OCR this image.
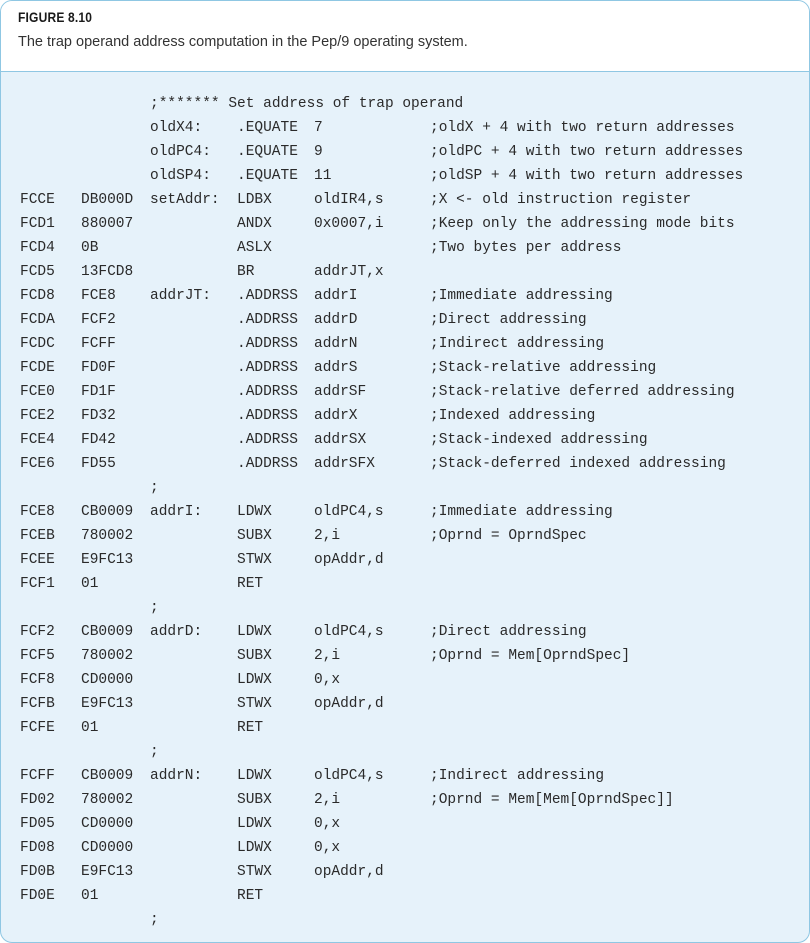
FIGURE 8.10
The trap operand address computation in the Pep/9 operating system.
;******* Set address of trap operand
oldX4: .EQUATE 7	;oldX + 4 with two return addresses
oldPC4: .EQUATE 9	;oldPC + 4 with two return addresses
oldSP4: .EQUATE 11	;oldSP + 4 with two return addresses
FCCE DB000D setAddr: LDBX	oldIR4,s	;X <- old instruction register
FCD1 880007	ANDX	0x0007,i	;Keep only the addressing mode bits
FCD4 0B	ASLX	;Two bytes per address
FCD5 13FCD8	BR	addrJT,x
FCD8 FCE8 addrJT: .ADDRSS addrI	;Immediate addressing
FCDA FCF2	.ADDRSS addrD	;Direct addressing
FCDC FCFF	.ADDRSS addrN	;Indirect addressing
FCDE FD0F	.ADDRSS addrS	;Stack-relative addressing
FCE0 FD1F	.ADDRSS addrSF	;Stack-relative deferred addressing
FCE2 FD32	.ADDRSS addrX	;Indexed addressing
FCE4 FD42	.ADDRSS addrSX	;Stack-indexed addressing
FCE6 FD55	.ADDRSS addrSFX	;Stack-deferred indexed addressing
;
FCE8 CB0009 addrI: LDWX	oldPC4,s	;Immediate addressing
FCEB 780002	SUBX	2,i	;Oprnd = OprndSpec
FCEE E9FC13	STWX	opAddr,d
FCF1 01	RET
;
FCF2 CB0009 addrD: LDWX	oldPC4,s	;Direct addressing
FCF5 780002	SUBX	2,i	;Oprnd = Mem[OprndSpec]
FCF8 CD0000	LDWX	0,x
FCFB E9FC13	STWX	opAddr,d
FCFE 01	RET
;
FCFF CB0009 addrN: LDWX	oldPC4,s	;Indirect addressing
FD02 780002	SUBX	2,i	;Oprnd = Mem[Mem[OprndSpec]]
FD05 CD0000	LDWX	0,x
FD08 CD0000	LDWX	0,x
FD0B E9FC13	STWX	opAddr,d
FD0E 01	RET
;
